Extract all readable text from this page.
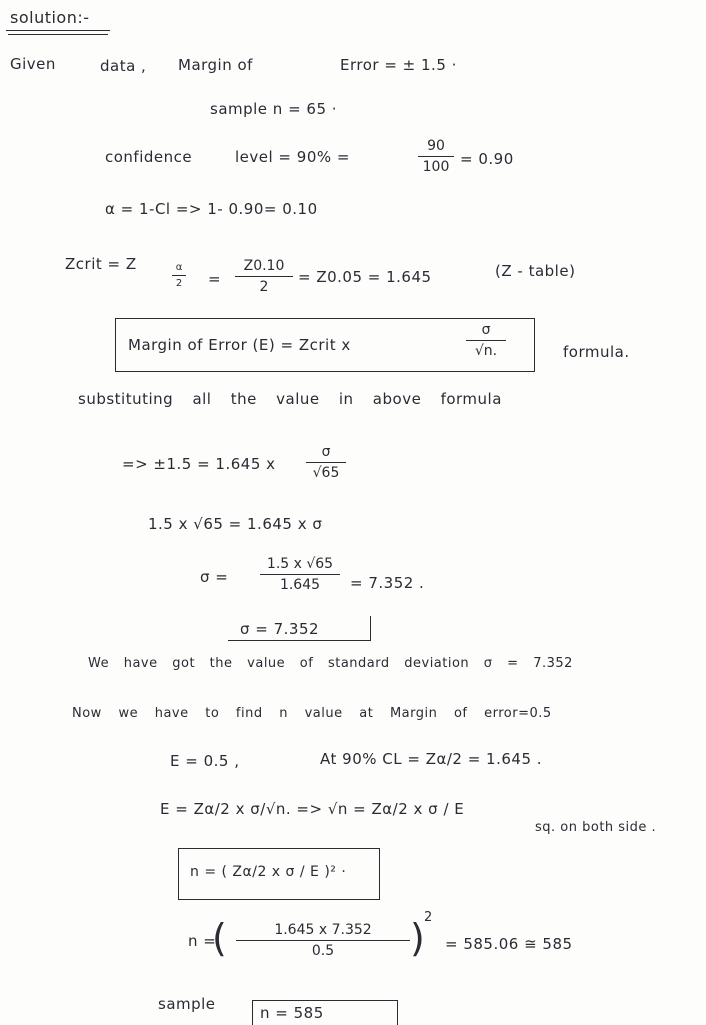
solution:-
Given	data , Margin of	Error = ± 1.5 ·
sample n = 65 ·
confidence	level = 90% =
90
100 = 0.90
α = 1-Cl => 1- 0.90= 0.10
Zcrit = Z	α
2 =
Z0.10
2
= Z0.05 = 1.645	(Z - table)
Margin of Error (E) = Zcrit x
σ
√n.	formula.
substituting all the value in above formula
=> ±1.5 = 1.645 x
σ
√65
1.5 x √65 = 1.645 x σ
σ =
1.5 x √65
1.645	= 7.352 .
σ = 7.352
We have got the value of standard deviation σ = 7.352
Now we have to find n value at Margin of error=0.5
E = 0.5 ,	At 90% CL = Zα/2 = 1.645 .
E = Zα/2 x σ/√n. => √n = Zα/2 x σ / E
sq. on both side .
n = ( Zα/2 x σ / E )² ·
n =
1.645 x 7.352
0.5
(	)
2
= 585.06 ≅ 585
sample	n = 585
